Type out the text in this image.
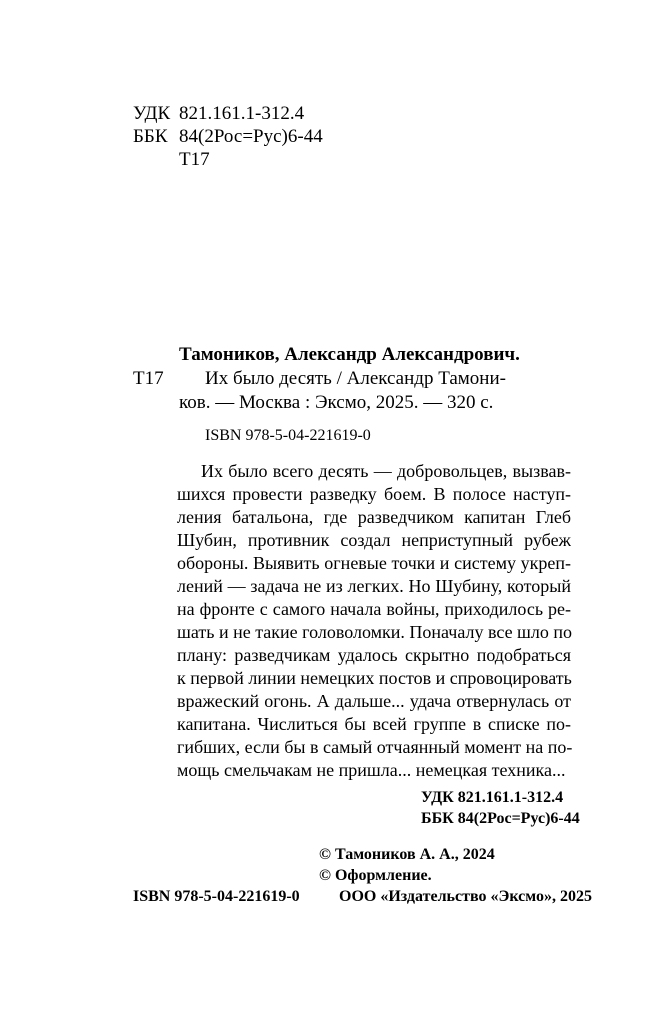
УДК 821.161.1-312.4
ББК 84(2Рос=Рус)6-44
Т17
Тамоников, Александр Александрович.
Т17 Их было десять / Александр Тамони-
ков. — Москва : Эксмо, 2025. — 320 с.
ISBN 978-5-04-221619-0
Их было всего десять — добровольцев, вызвав-
шихся провести разведку боем. В полосе наступ-
ления батальона, где разведчиком капитан Глеб
Шубин, противник создал неприступный рубеж
обороны. Выявить огневые точки и систему укреп-
лений — задача не из легких. Но Шубину, который
на фронте с самого начала войны, приходилось ре-
шать и не такие головоломки. Поначалу все шло по
плану: разведчикам удалось скрытно подобраться
к первой линии немецких постов и спровоцировать
вражеский огонь. А дальше... удача отвернулась от
капитана. Числиться бы всей группе в списке по-
гибших, если бы в самый отчаянный момент на по-
мощь смельчакам не пришла... немецкая техника...
УДК 821.161.1-312.4
ББК 84(2Рос=Рус)6-44
© Тамоников А. А., 2024
© Оформление.
ISBN 978-5-04-221619-0 ООО «Издательство «Эксмо», 2025
